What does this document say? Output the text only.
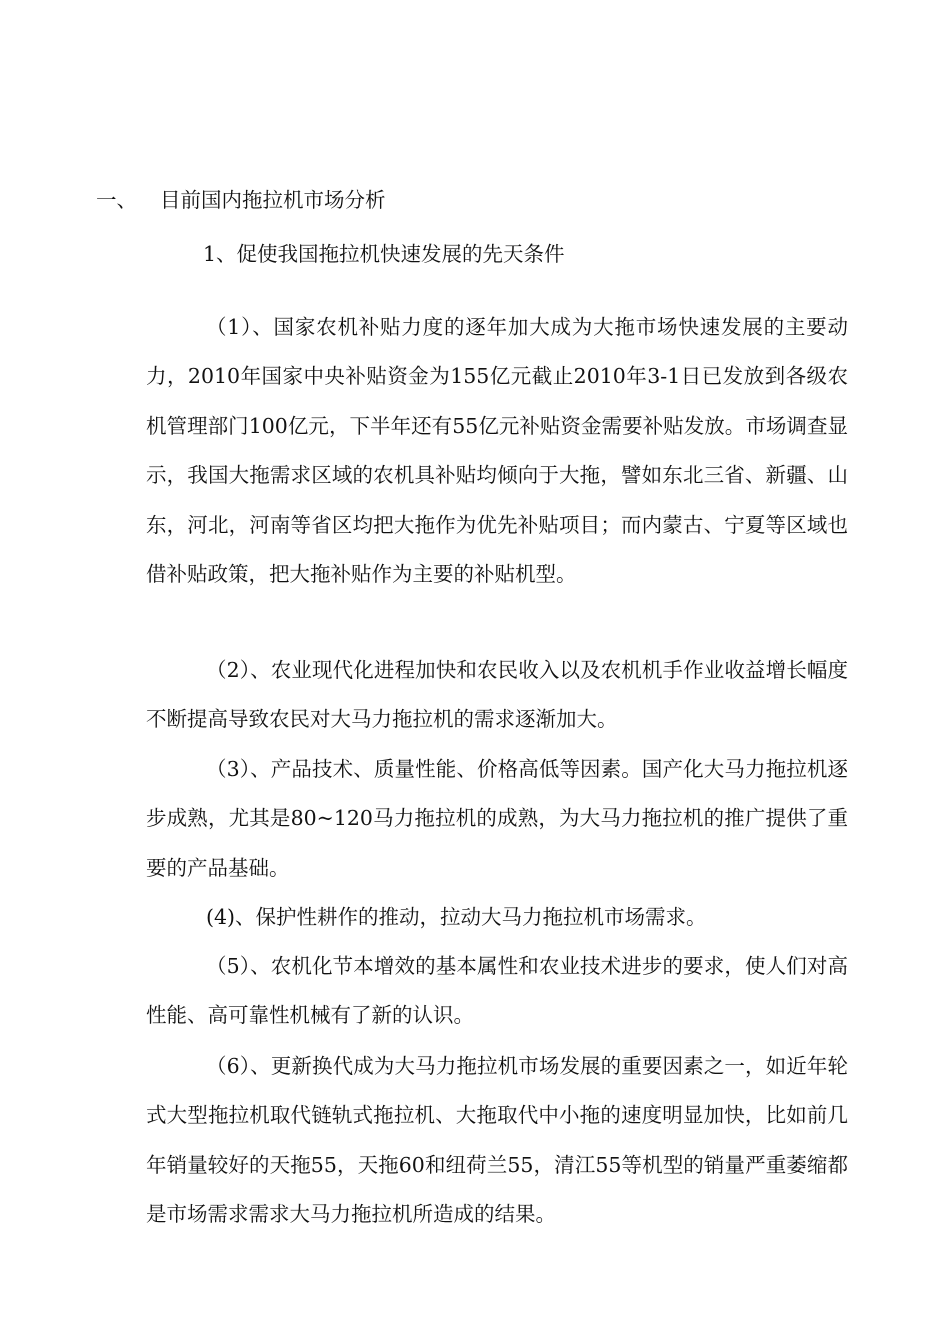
一、 目前国内拖拉机市场分析
1、促使我国拖拉机快速发展的先天条件

（1）、国家农机补贴力度的逐年加大成为大拖市场快速发展的主要动力，2010年国家中央补贴资金为155亿元截止2010年3-1日已发放到各级农机管理部门100亿元，下半年还有55亿元补贴资金需要补贴发放。市场调查显示，我国大拖需求区域的农机具补贴均倾向于大拖，譬如东北三省、新疆、山东，河北，河南等省区均把大拖作为优先补贴项目；而内蒙古、宁夏等区域也借补贴政策，把大拖补贴作为主要的补贴机型。

（2）、农业现代化进程加快和农民收入以及农机机手作业收益增长幅度不断提高导致农民对大马力拖拉机的需求逐渐加大。

（3）、产品技术、质量性能、价格高低等因素。国产化大马力拖拉机逐步成熟，尤其是80~120马力拖拉机的成熟，为大马力拖拉机的推广提供了重要的产品基础。

(4)、保护性耕作的推动，拉动大马力拖拉机市场需求。

（5）、农机化节本增效的基本属性和农业技术进步的要求，使人们对高性能、高可靠性机械有了新的认识。

（6）、更新换代成为大马力拖拉机市场发展的重要因素之一，如近年轮式大型拖拉机取代链轨式拖拉机、大拖取代中小拖的速度明显加快，比如前几年销量较好的天拖55，天拖60和纽荷兰55，清江55等机型的销量严重萎缩都是市场需求需求大马力拖拉机所造成的结果。
